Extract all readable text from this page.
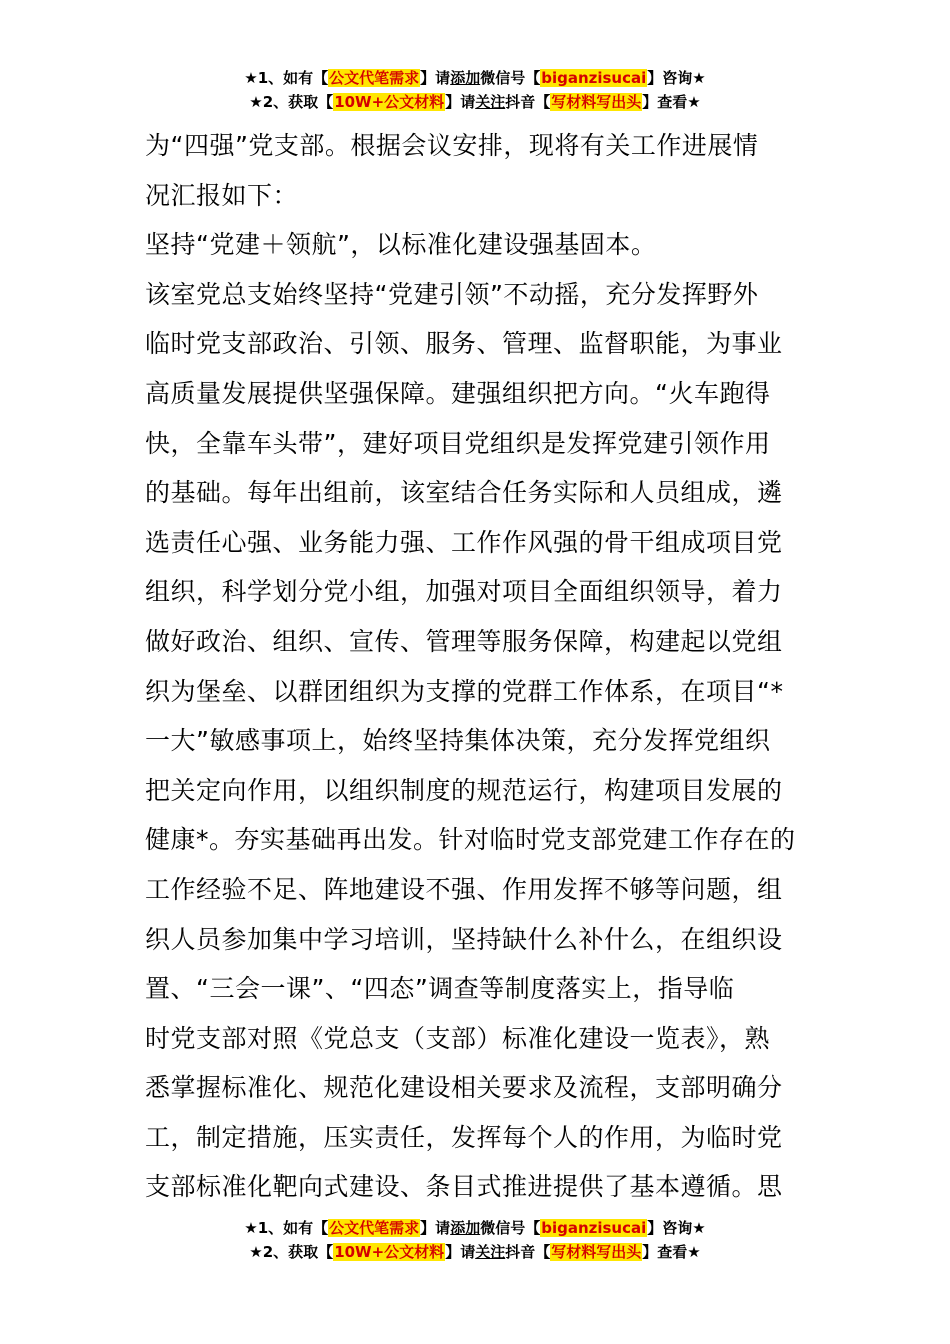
★1、如有【公文代笔需求】请添加微信号【biganzisucai】咨询★
★2、获取【10W+公文材料】请关注抖音【写材料写出头】查看★

为“四强”党支部。根据会议安排，现将有关工作进展情

况汇报如下：

坚持“党建＋领航”，以标准化建设强基固本。

该室党总支始终坚持“党建引领”不动摇，充分发挥野外

临时党支部政治、引领、服务、管理、监督职能，为事业

高质量发展提供坚强保障。建强组织把方向。“火车跑得

快，全靠车头带”，建好项目党组织是发挥党建引领作用

的基础。每年出组前，该室结合任务实际和人员组成，遴

选责任心强、业务能力强、工作作风强的骨干组成项目党

组织，科学划分党小组，加强对项目全面组织领导，着力

做好政治、组织、宣传、管理等服务保障，构建起以党组

织为堡垒、以群团组织为支撑的党群工作体系，在项目“*

一大”敏感事项上，始终坚持集体决策，充分发挥党组织

把关定向作用，以组织制度的规范运行，构建项目发展的

健康*。夯实基础再出发。针对临时党支部党建工作存在的

工作经验不足、阵地建设不强、作用发挥不够等问题，组

织人员参加集中学习培训，坚持缺什么补什么，在组织设

置、“三会一课”、“四态”调查等制度落实上，指导临

时党支部对照《党总支（支部）标准化建设一览表》，熟

悉掌握标准化、规范化建设相关要求及流程，支部明确分

工，制定措施，压实责任，发挥每个人的作用，为临时党

支部标准化靶向式建设、条目式推进提供了基本遵循。思

★1、如有【公文代笔需求】请添加微信号【biganzisucai】咨询★
★2、获取【10W+公文材料】请关注抖音【写材料写出头】查看★
